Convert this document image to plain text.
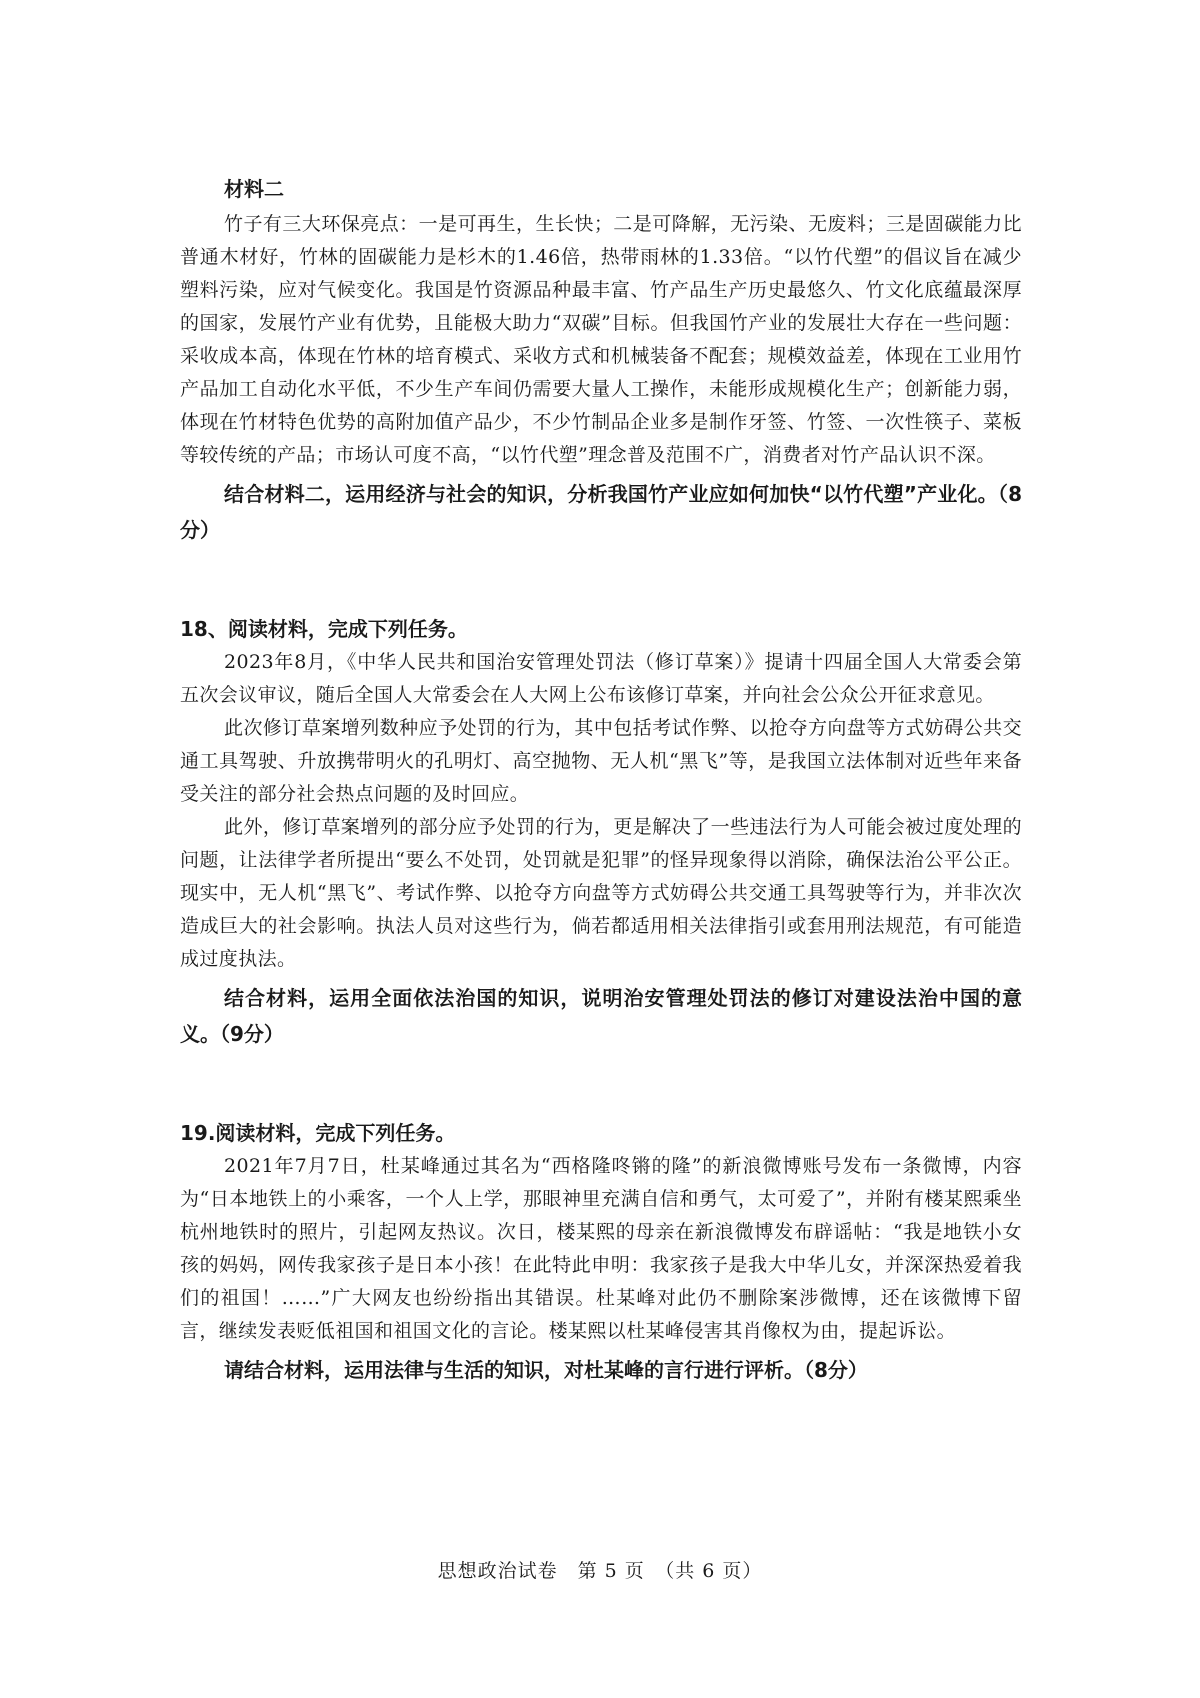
材料二

竹子有三大环保亮点：一是可再生，生长快；二是可降解，无污染、无废料；三是固碳能力比普通木材好，竹林的固碳能力是杉木的1.46倍，热带雨林的1.33倍。“以竹代塑”的倡议旨在减少塑料污染，应对气候变化。我国是竹资源品种最丰富、竹产品生产历史最悠久、竹文化底蕴最深厚的国家，发展竹产业有优势，且能极大助力“双碳”目标。但我国竹产业的发展壮大存在一些问题：采收成本高，体现在竹林的培育模式、采收方式和机械装备不配套；规模效益差，体现在工业用竹产品加工自动化水平低，不少生产车间仍需要大量人工操作，未能形成规模化生产；创新能力弱，体现在竹材特色优势的高附加值产品少，不少竹制品企业多是制作牙签、竹签、一次性筷子、菜板等较传统的产品；市场认可度不高，“以竹代塑”理念普及范围不广，消费者对竹产品认识不深。

结合材料二，运用经济与社会的知识，分析我国竹产业应如何加快“以竹代塑”产业化。（8分）

18、阅读材料，完成下列任务。

2023年8月，《中华人民共和国治安管理处罚法（修订草案）》提请十四届全国人大常委会第五次会议审议，随后全国人大常委会在人大网上公布该修订草案，并向社会公众公开征求意见。

此次修订草案增列数种应予处罚的行为，其中包括考试作弊、以抢夺方向盘等方式妨碍公共交通工具驾驶、升放携带明火的孔明灯、高空抛物、无人机“黑飞”等，是我国立法体制对近些年来备受关注的部分社会热点问题的及时回应。

此外，修订草案增列的部分应予处罚的行为，更是解决了一些违法行为人可能会被过度处理的问题，让法律学者所提出“要么不处罚，处罚就是犯罪”的怪异现象得以消除，确保法治公平公正。现实中，无人机“黑飞”、考试作弊、以抢夺方向盘等方式妨碍公共交通工具驾驶等行为，并非次次造成巨大的社会影响。执法人员对这些行为，倘若都适用相关法律指引或套用刑法规范，有可能造成过度执法。

结合材料，运用全面依法治国的知识，说明治安管理处罚法的修订对建设法治中国的意义。（9分）

19.阅读材料，完成下列任务。

2021年7月7日，杜某峰通过其名为“西格隆咚锵的隆”的新浪微博账号发布一条微博，内容为“日本地铁上的小乘客，一个人上学，那眼神里充满自信和勇气，太可爱了”，并附有楼某熙乘坐杭州地铁时的照片，引起网友热议。次日，楼某熙的母亲在新浪微博发布辟谣帖：“我是地铁小女孩的妈妈，网传我家孩子是日本小孩！在此特此申明：我家孩子是我大中华儿女，并深深热爱着我们的祖国！……”广大网友也纷纷指出其错误。杜某峰对此仍不删除案涉微博，还在该微博下留言，继续发表贬低祖国和祖国文化的言论。楼某熙以杜某峰侵害其肖像权为由，提起诉讼。

请结合材料，运用法律与生活的知识，对杜某峰的言行进行评析。（8分）

思想政治试卷　第 5 页　（共 6 页）
